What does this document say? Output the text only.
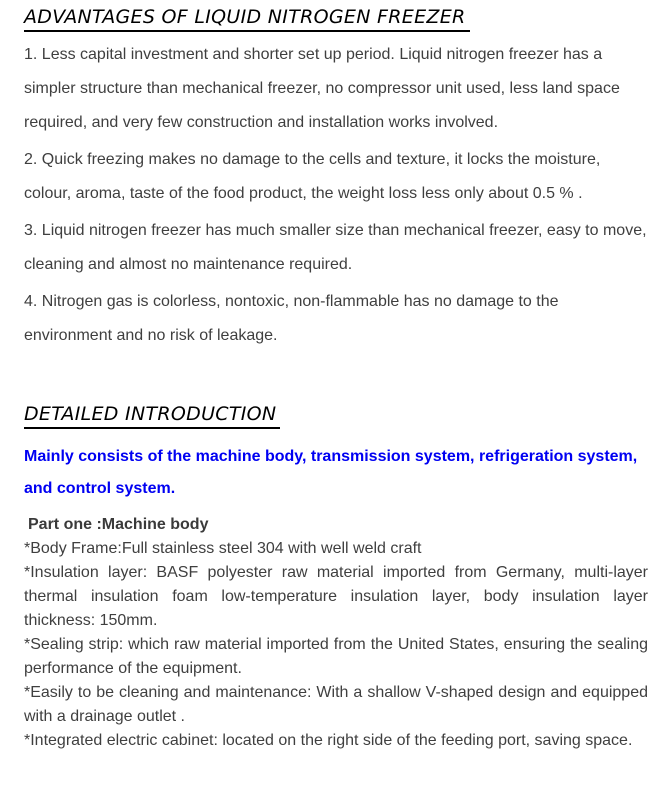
ADVANTAGES OF LIQUID NITROGEN FREEZER

1. Less capital investment and shorter set up period. Liquid nitrogen freezer has a simpler structure than mechanical freezer, no compressor unit used, less land space required, and very few construction and installation works involved.

2. Quick freezing makes no damage to the cells and texture, it locks the moisture, colour, aroma, taste of the food product, the weight loss less only about 0.5 % .

3. Liquid nitrogen freezer has much smaller size than mechanical freezer, easy to move, cleaning and almost no maintenance required.

4. Nitrogen gas is colorless, nontoxic, non-flammable has no damage to the environment and no risk of leakage.

DETAILED INTRODUCTION

Mainly consists of the machine body, transmission system, refrigeration system, and control system.

Part one :Machine body

*Body Frame:Full stainless steel 304 with well weld craft

*Insulation layer: BASF polyester raw material imported from Germany, multi-layer thermal insulation foam low-temperature insulation layer, body insulation layer thickness: 150mm.

*Sealing strip: which raw material imported from the United States, ensuring the sealing performance of the equipment.

*Easily to be cleaning and maintenance: With a shallow V-shaped design and equipped with a drainage outlet .

*Integrated electric cabinet: located on the right side of the feeding port, saving space.
